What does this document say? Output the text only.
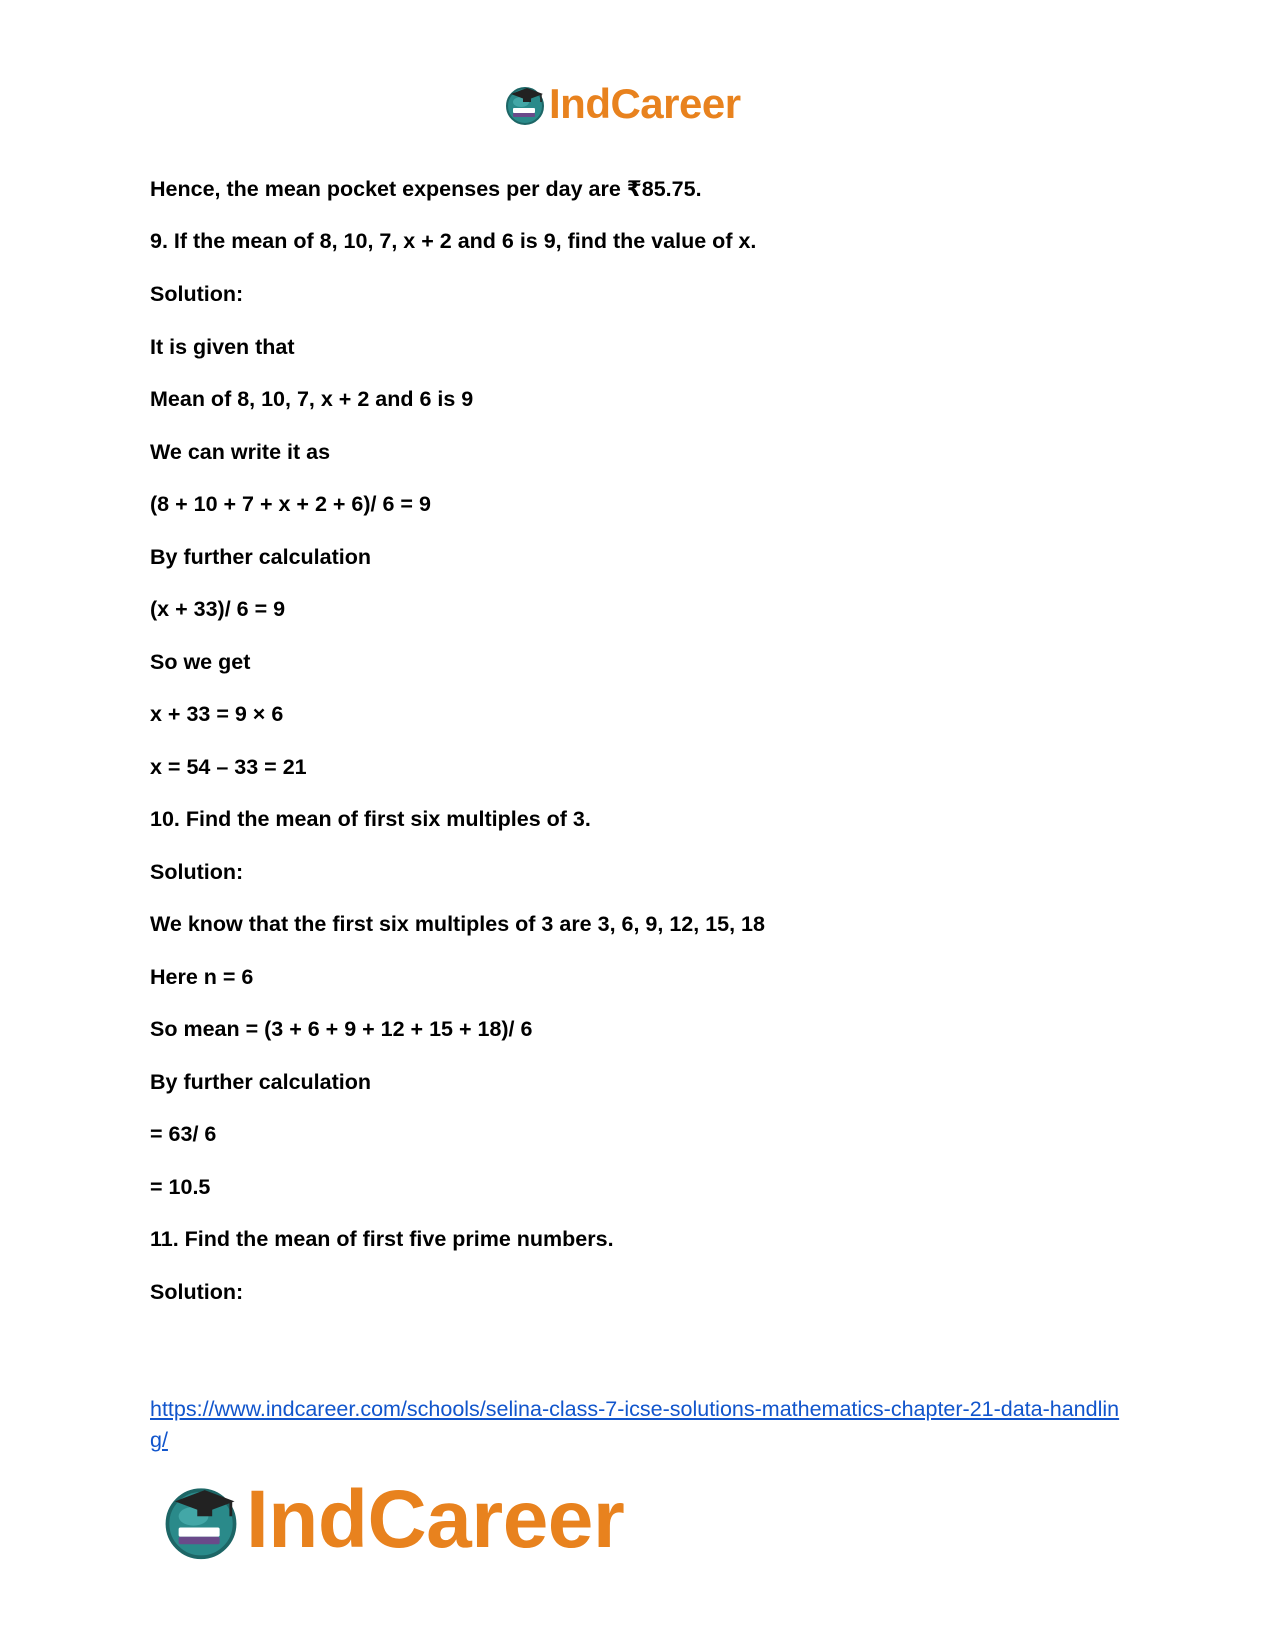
IndCareer
Hence, the mean pocket expenses per day are ₹85.75.
9. If the mean of 8, 10, 7, x + 2 and 6 is 9, find the value of x.
Solution:
It is given that
Mean of 8, 10, 7, x + 2 and 6 is 9
We can write it as
(8 + 10 + 7 + x + 2 + 6)/ 6 = 9
By further calculation
(x + 33)/ 6 = 9
So we get
x + 33 = 9 × 6
x = 54 – 33 = 21
10. Find the mean of first six multiples of 3.
Solution:
We know that the first six multiples of 3 are 3, 6, 9, 12, 15, 18
Here n = 6
So mean = (3 + 6 + 9 + 12 + 15 + 18)/ 6
By further calculation
= 63/ 6
= 10.5
11. Find the mean of first five prime numbers.
Solution:
https://www.indcareer.com/schools/selina-class-7-icse-solutions-mathematics-chapter-21-data-handling/
IndCareer
